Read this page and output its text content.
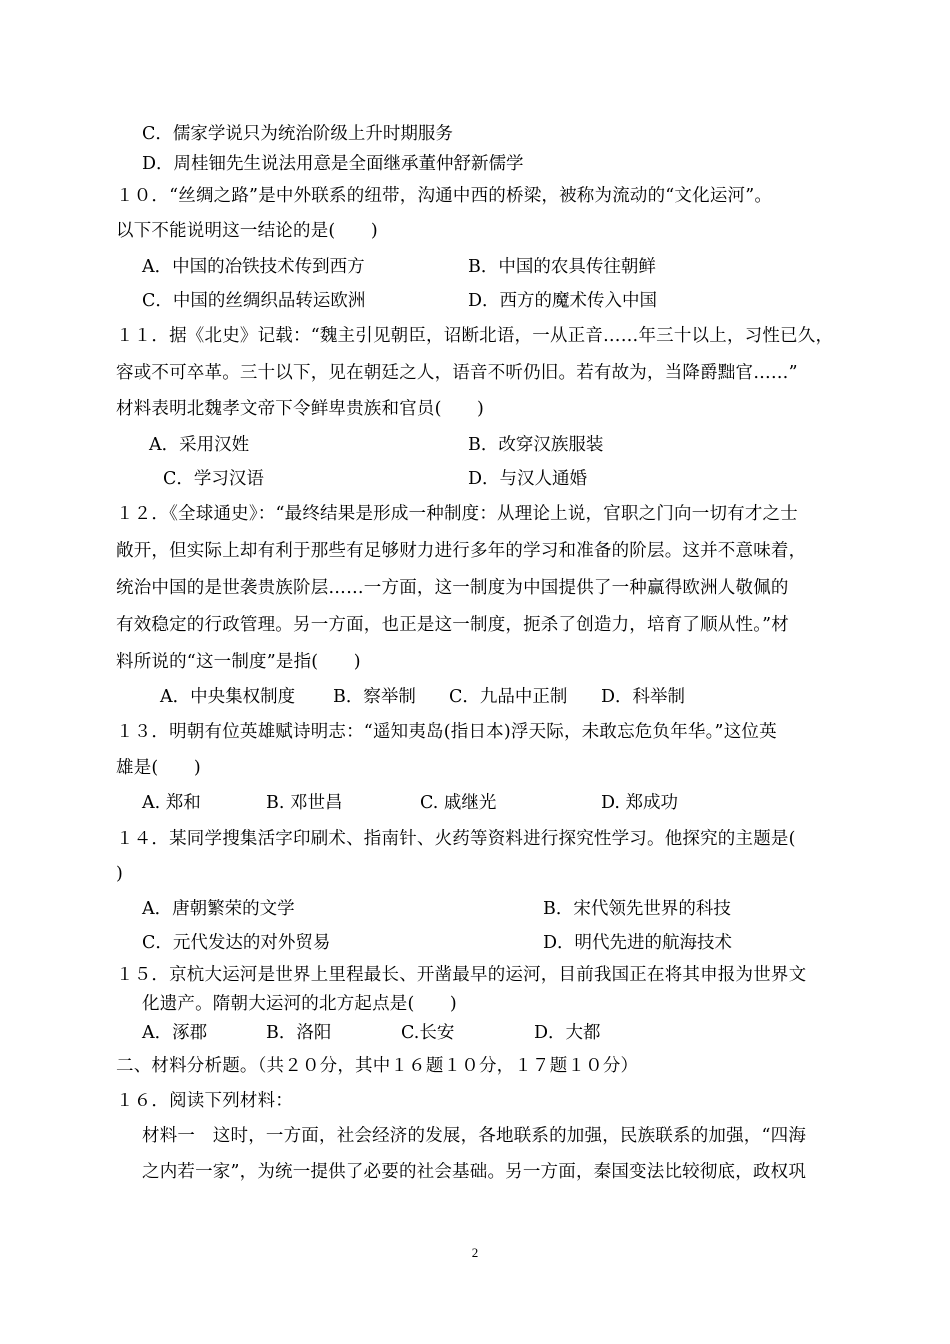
C．儒家学说只为统治阶级上升时期服务
D．周桂钿先生说法用意是全面继承董仲舒新儒学
１０．“丝绸之路”是中外联系的纽带，沟通中西的桥梁，被称为流动的“文化运河”。
以下不能说明这一结论的是(　　)
A．中国的冶铁技术传到西方	B．中国的农具传往朝鲜
C．中国的丝绸织品转运欧洲	D．西方的魔术传入中国
１１．据《北史》记载：“魏主引见朝臣，诏断北语，一从正音……年三十以上，习性已久，
容或不可卒革。三十以下，见在朝廷之人，语音不听仍旧。若有故为，当降爵黜官……”
材料表明北魏孝文帝下令鲜卑贵族和官员(　　)
A．采用汉姓	B．改穿汉族服装
C．学习汉语	D．与汉人通婚
１２．《全球通史》：“最终结果是形成一种制度：从理论上说，官职之门向一切有才之士
敞开，但实际上却有利于那些有足够财力进行多年的学习和准备的阶层。这并不意味着，
统治中国的是世袭贵族阶层……一方面，这一制度为中国提供了一种赢得欧洲人敬佩的
有效稳定的行政管理。另一方面，也正是这一制度，扼杀了创造力，培育了顺从性。”材
料所说的“这一制度”是指(　　)
A．中央集权制度 B．察举制 C．九品中正制 D．科举制
１３．明朝有位英雄赋诗明志：“遥知夷岛(指日本)浮天际，未敢忘危负年华。”这位英
雄是(　　)
A. 郑和	B. 邓世昌	C. 戚继光	D. 郑成功
１４．某同学搜集活字印刷术、指南针、火药等资料进行探究性学习。他探究的主题是(
)
A．唐朝繁荣的文学	B．宋代领先世界的科技
C．元代发达的对外贸易	D．明代先进的航海技术
１５．京杭大运河是世界上里程最长、开凿最早的运河，目前我国正在将其申报为世界文
化遗产。隋朝大运河的北方起点是(　　)
A．涿郡	B．洛阳	C.长安	D．大都
二、材料分析题。（共２０分，其中１６题１０分，１７题１０分）
１６．阅读下列材料：
材料一　这时，一方面，社会经济的发展，各地联系的加强，民族联系的加强，“四海
之内若一家”，为统一提供了必要的社会基础。另一方面，秦国变法比较彻底，政权巩
2
